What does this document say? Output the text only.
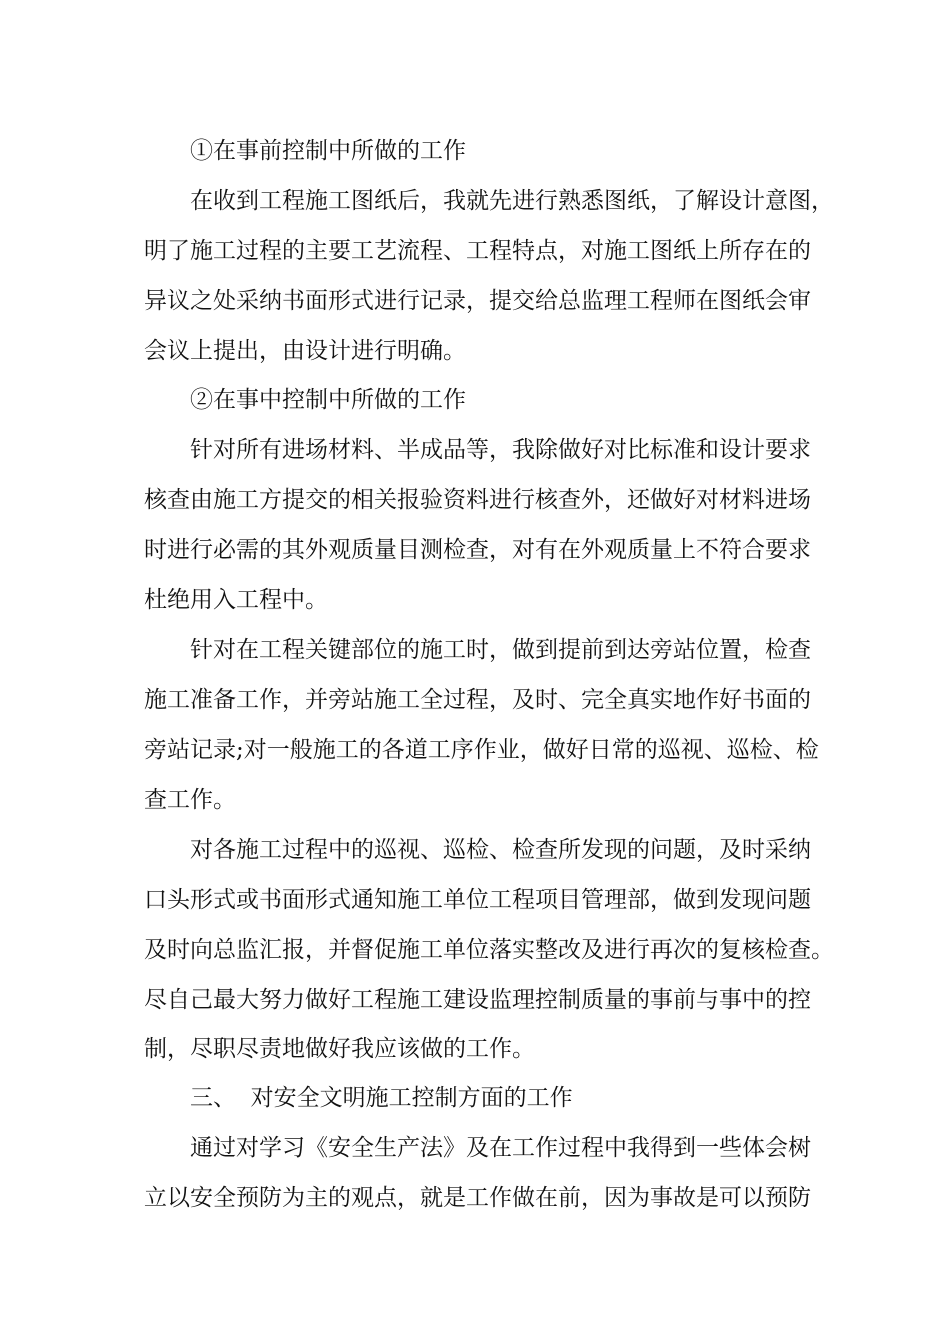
①在事前控制中所做的工作
在收到工程施工图纸后，我就先进行熟悉图纸，了解设计意图，
明了施工过程的主要工艺流程、工程特点，对施工图纸上所存在的
异议之处采纳书面形式进行记录，提交给总监理工程师在图纸会审
会议上提出，由设计进行明确。
②在事中控制中所做的工作
针对所有进场材料、半成品等，我除做好对比标准和设计要求
核查由施工方提交的相关报验资料进行核查外，还做好对材料进场
时进行必需的其外观质量目测检查，对有在外观质量上不符合要求
杜绝用入工程中。
针对在工程关键部位的施工时，做到提前到达旁站位置，检查
施工准备工作，并旁站施工全过程，及时、完全真实地作好书面的
旁站记录;对一般施工的各道工序作业，做好日常的巡视、巡检、检
查工作。
对各施工过程中的巡视、巡检、检查所发现的问题，及时采纳
口头形式或书面形式通知施工单位工程项目管理部，做到发现问题
及时向总监汇报，并督促施工单位落实整改及进行再次的复核检查。
尽自己最大努力做好工程施工建设监理控制质量的事前与事中的控
制，尽职尽责地做好我应该做的工作。
三、  对安全文明施工控制方面的工作
通过对学习《安全生产法》及在工作过程中我得到一些体会树
立以安全预防为主的观点，就是工作做在前，因为事故是可以预防
